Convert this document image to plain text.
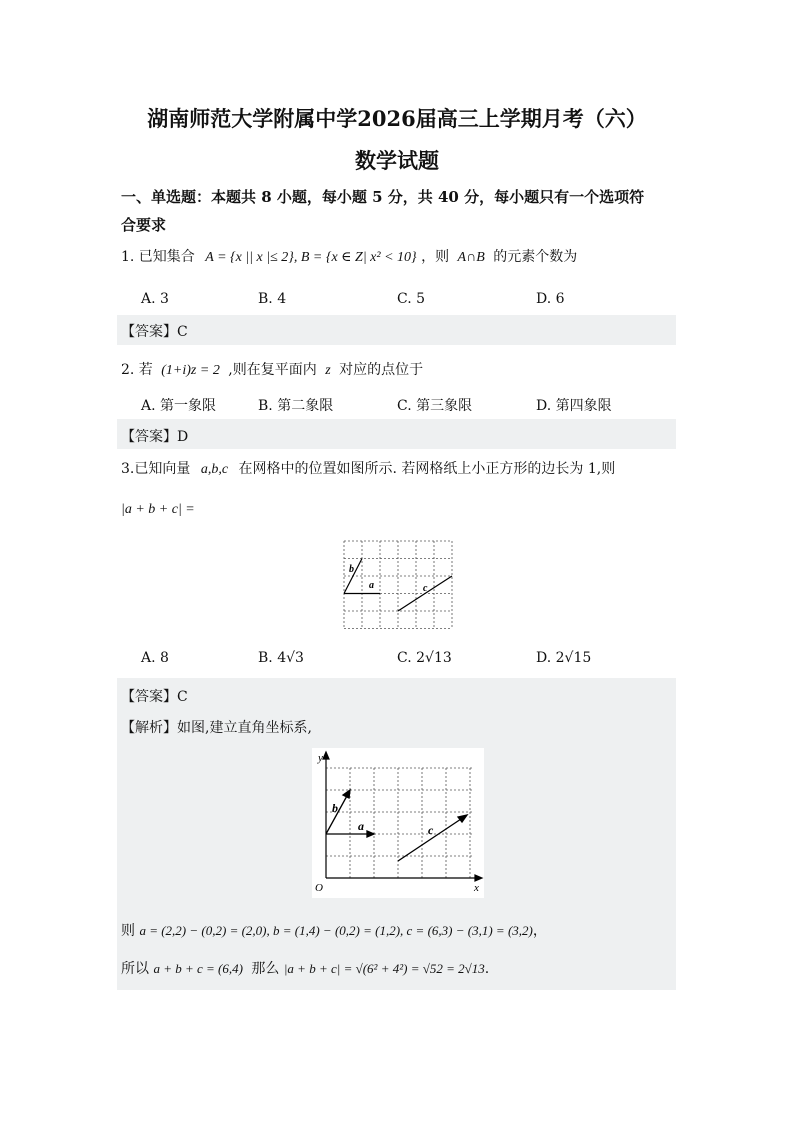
湖南师范大学附属中学2026届高三上学期月考（六）
数学试题
一、单选题：本题共 8 小题，每小题 5 分，共 40 分，每小题只有一个选项符
合要求
1. 已知集合 A = {x || x |≤ 2}, B = {x ∈ Z| x² < 10} ，则 A∩B 的元素个数为
A. 3	B. 4	C. 5	D. 6
【答案】C
2. 若 (1+i)z = 2 ,则在复平面内 z 对应的点位于
A. 第一象限	B. 第二象限	C. 第三象限	D. 第四象限
【答案】D
3.已知向量 a,b,c 在网格中的位置如图所示. 若网格纸上小正方形的边长为 1,则
|a + b + c| =
b
a	c
A. 8	B. 4√3	C. 2√13	D. 2√15
【答案】C
【解析】如图,建立直角坐标系,
y
O	x
b
a	c
则 a = (2,2) − (0,2) = (2,0), b = (1,4) − (0,2) = (1,2), c = (6,3) − (3,1) = (3,2)，
所以 a + b + c = (6,4) 那么 |a + b + c| = √(6² + 4²) = √52 = 2√13.
